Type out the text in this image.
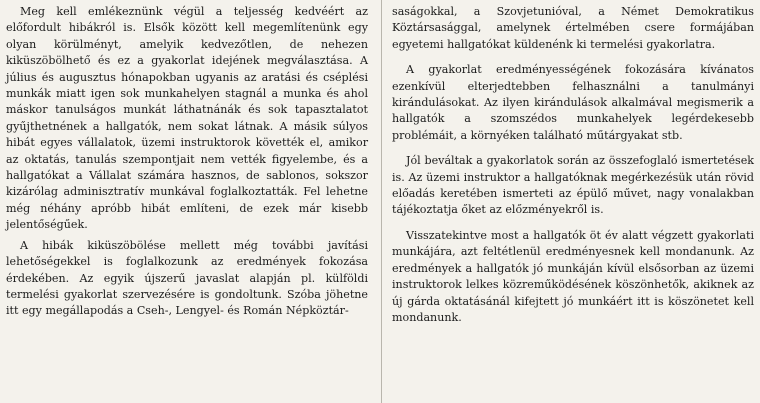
Meg kell emlékeznünk végül a teljesség kedvéért az előfordult hibákról is. Elsők között kell megemlítenünk egy olyan körülményt, amelyik kedvezőtlen, de nehezen kiküszöbölhető és ez a gyakorlat idejének megválasztása. A július és augusztus hónapokban ugyanis az aratási és cséplési munkák miatt igen sok munkahelyen stagnál a munka és ahol máskor tanulságos munkát láthatnánák és sok tapasztalatot gyűjthetnének a hallgatók, nem sokat látnak. A másik súlyos hibát egyes vállalatok, üzemi instruktorok követték el, amikor az oktatás, tanulás szempontjait nem vették figyelembe, és a hallgatókat a Vállalat számára hasznos, de sablonos, sokszor kizárólag adminisztratív munkával foglalkoztatták. Fel lehetne még néhány apróbb hibát említeni, de ezek már kisebb jelentőségűek.

A hibák kiküszöbölése mellett még további javítási lehetőségekkel is foglalkozunk az eredmények fokozása érdekében. Az egyik újszerű javaslat alapján pl. külföldi termelési gyakorlat szervezésére is gondoltunk. Szóba jöhetne itt egy megállapodás a Cseh-, Lengyel- és Román Népköztár-

saságokkal, a Szovjetunióval, a Német Demokratikus Köztársasággal, amelynek értelmében csere formájában egyetemi hallgatókat küldenénk ki termelési gyakorlatra.

A gyakorlat eredményességének fokozására kívánatos ezenkívül elterjedtebben felhasználni a tanulmányi kirándulásokat. Az ilyen kirándulások alkalmával megismerik a hallgatók a szomszédos munkahelyek legérdekesebb problémáit, a környéken található műtárgyakat stb.

Jól beváltak a gyakorlatok során az összefoglaló ismertetések is. Az üzemi instruktor a hallgatóknak megérkezésük után rövid előadás keretében ismerteti az épülő művet, nagy vonalakban tájékoztatja őket az előzményekről is.

Visszatekintve most a hallgatók öt év alatt végzett gyakorlati munkájára, azt feltétlenül eredményesnek kell mondanunk. Az eredmények a hallgatók jó munkáján kívül elsősorban az üzemi instruktorok lelkes közreműködésének köszönhetők, akiknek az új gárda oktatásánál kifejtett jó munkáért itt is köszönetet kell mondanunk.
